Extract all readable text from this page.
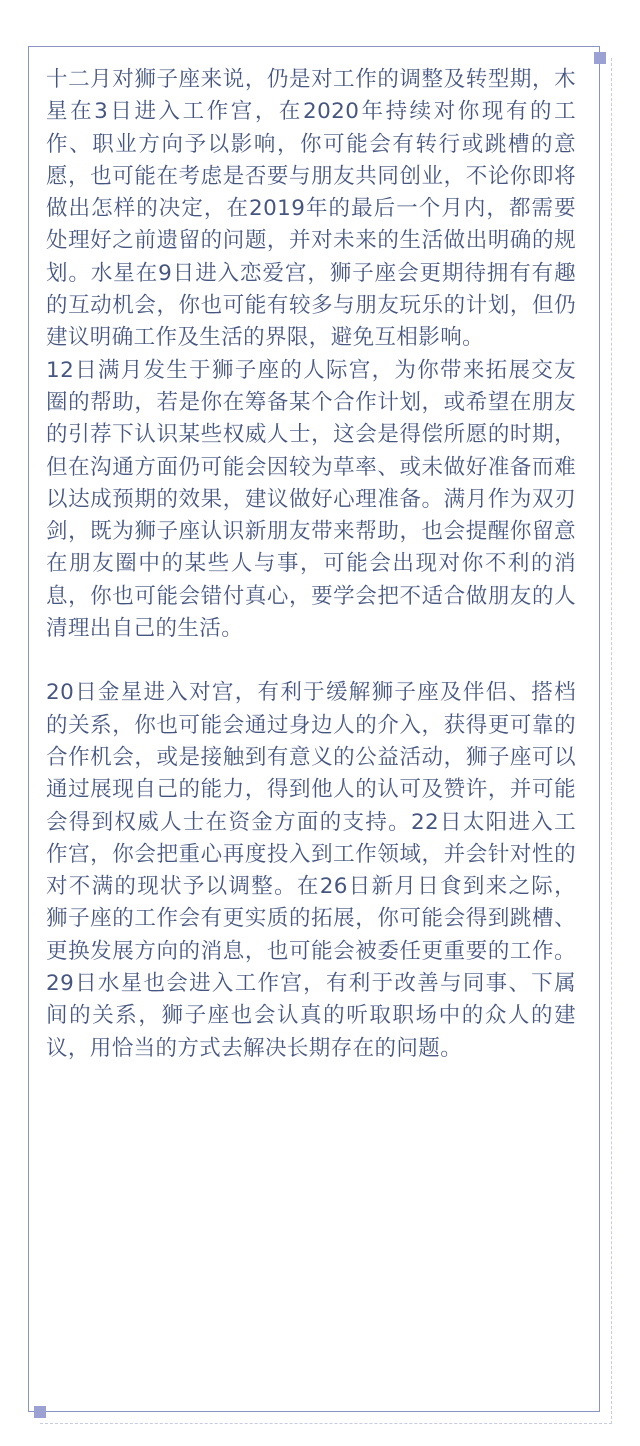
十二月对狮子座来说，仍是对工作的调整及转型期，木星在3日进入工作宫，在2020年持续对你现有的工作、职业方向予以影响，你可能会有转行或跳槽的意愿，也可能在考虑是否要与朋友共同创业，不论你即将做出怎样的决定，在2019年的最后一个月内，都需要处理好之前遗留的问题，并对未来的生活做出明确的规划。水星在9日进入恋爱宫，狮子座会更期待拥有有趣的互动机会，你也可能有较多与朋友玩乐的计划，但仍建议明确工作及生活的界限，避免互相影响。

12日满月发生于狮子座的人际宫，为你带来拓展交友圈的帮助，若是你在筹备某个合作计划，或希望在朋友的引荐下认识某些权威人士，这会是得偿所愿的时期，但在沟通方面仍可能会因较为草率、或未做好准备而难以达成预期的效果，建议做好心理准备。满月作为双刃剑，既为狮子座认识新朋友带来帮助，也会提醒你留意在朋友圈中的某些人与事，可能会出现对你不利的消息，你也可能会错付真心，要学会把不适合做朋友的人清理出自己的生活。

20日金星进入对宫，有利于缓解狮子座及伴侣、搭档的关系，你也可能会通过身边人的介入，获得更可靠的合作机会，或是接触到有意义的公益活动，狮子座可以通过展现自己的能力，得到他人的认可及赞许，并可能会得到权威人士在资金方面的支持。22日太阳进入工作宫，你会把重心再度投入到工作领域，并会针对性的对不满的现状予以调整。在26日新月日食到来之际，狮子座的工作会有更实质的拓展，你可能会得到跳槽、更换发展方向的消息，也可能会被委任更重要的工作。29日水星也会进入工作宫，有利于改善与同事、下属间的关系，狮子座也会认真的听取职场中的众人的建议，用恰当的方式去解决长期存在的问题。
